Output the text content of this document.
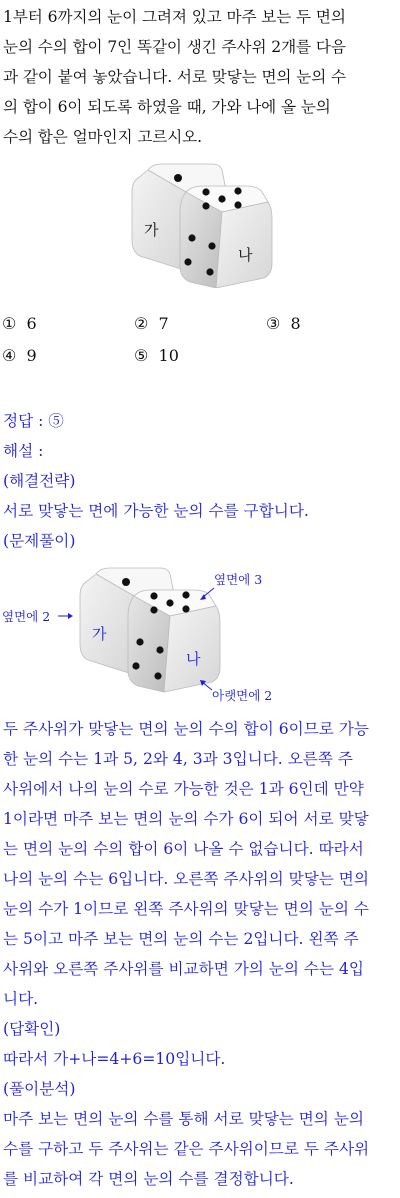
1부터 6까지의 눈이 그려져 있고 마주 보는 두 면의

눈의 수의 합이 7인 똑같이 생긴 주사위 2개를 다음

과 같이 붙여 놓았습니다. 서로 맞닿는 면의 눈의 수

의 합이 6이 되도록 하였을 때, 가와 나에 올 눈의

수의 합은 얼마인지 고르시오.

가
나
① 6	② 7	③ 8
④ 9	⑤ 10

정답 : ⑤

해설 :

(해결전략)

서로 맞닿는 면에 가능한 눈의 수를 구합니다.

(문제풀이)

가
나
옆면에 2
옆면에 3
아랫면에 2

두 주사위가 맞닿는 면의 눈의 수의 합이 6이므로 가능

한 눈의 수는 1과 5, 2와 4, 3과 3입니다. 오른쪽 주

사위에서 나의 눈의 수로 가능한 것은 1과 6인데 만약

1이라면 마주 보는 면의 눈의 수가 6이 되어 서로 맞닿

는 면의 눈의 수의 합이 6이 나올 수 없습니다. 따라서

나의 눈의 수는 6입니다. 오른쪽 주사위의 맞닿는 면의

눈의 수가 1이므로 왼쪽 주사위의 맞닿는 면의 눈의 수

는 5이고 마주 보는 면의 눈의 수는 2입니다. 왼쪽 주

사위와 오른쪽 주사위를 비교하면 가의 눈의 수는 4입

니다.

(답확인)

따라서 가+나=4+6=10입니다.

(풀이분석)

마주 보는 면의 눈의 수를 통해 서로 맞닿는 면의 눈의

수를 구하고 두 주사위는 같은 주사위이므로 두 주사위

를 비교하여 각 면의 눈의 수를 결정합니다.
